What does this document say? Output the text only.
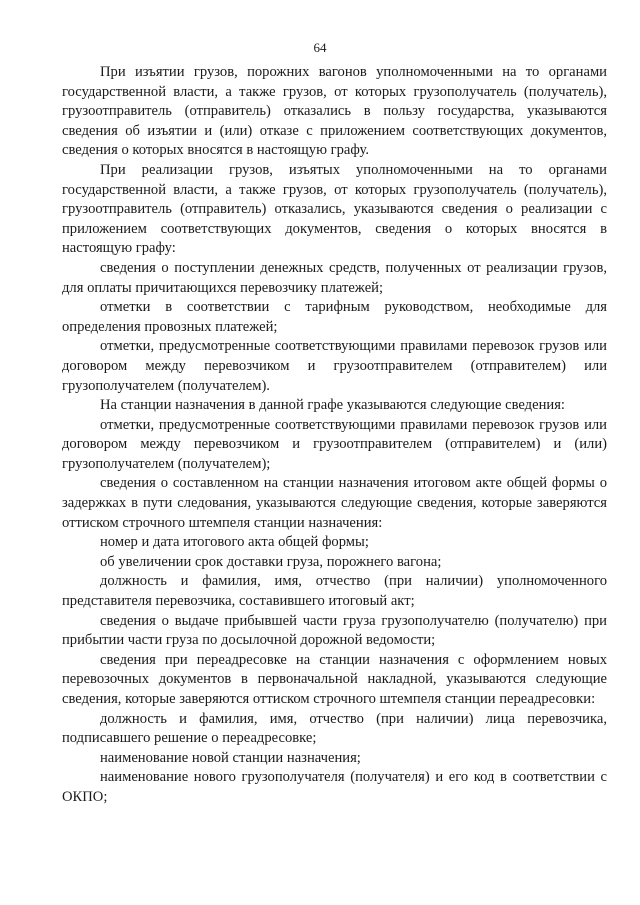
64

При изъятии грузов, порожних вагонов уполномоченными на то органами государственной власти, а также грузов, от которых грузополучатель (получатель), грузоотправитель (отправитель) отказались в пользу государства, указываются сведения об изъятии и (или) отказе с приложением соответствующих документов, сведения о которых вносятся в настоящую графу.

При реализации грузов, изъятых уполномоченными на то органами государственной власти, а также грузов, от которых грузополучатель (получатель), грузоотправитель (отправитель) отказались, указываются сведения о реализации с приложением соответствующих документов, сведения о которых вносятся в настоящую графу:

сведения о поступлении денежных средств, полученных от реализации грузов, для оплаты причитающихся перевозчику платежей;

отметки в соответствии с тарифным руководством, необходимые для определения провозных платежей;

отметки, предусмотренные соответствующими правилами перевозок грузов или договором между перевозчиком и грузоотправителем (отправителем) или грузополучателем (получателем).

На станции назначения в данной графе указываются следующие сведения:

отметки, предусмотренные соответствующими правилами перевозок грузов или договором между перевозчиком и грузоотправителем (отправителем) и (или) грузополучателем (получателем);

сведения о составленном на станции назначения итоговом акте общей формы о задержках в пути следования, указываются следующие сведения, которые заверяются оттиском строчного штемпеля станции назначения:

номер и дата итогового акта общей формы;

об увеличении срок доставки груза, порожнего вагона;

должность и фамилия, имя, отчество (при наличии) уполномоченного представителя перевозчика, составившего итоговый акт;

сведения о выдаче прибывшей части груза грузополучателю (получателю) при прибытии части груза по досылочной дорожной ведомости;

сведения при переадресовке на станции назначения с оформлением новых перевозочных документов в первоначальной накладной, указываются следующие сведения, которые заверяются оттиском строчного штемпеля станции переадресовки:

должность и фамилия, имя, отчество (при наличии) лица перевозчика, подписавшего решение о переадресовке;

наименование новой станции назначения;

наименование нового грузополучателя (получателя) и его код в соответствии с ОКПО;
